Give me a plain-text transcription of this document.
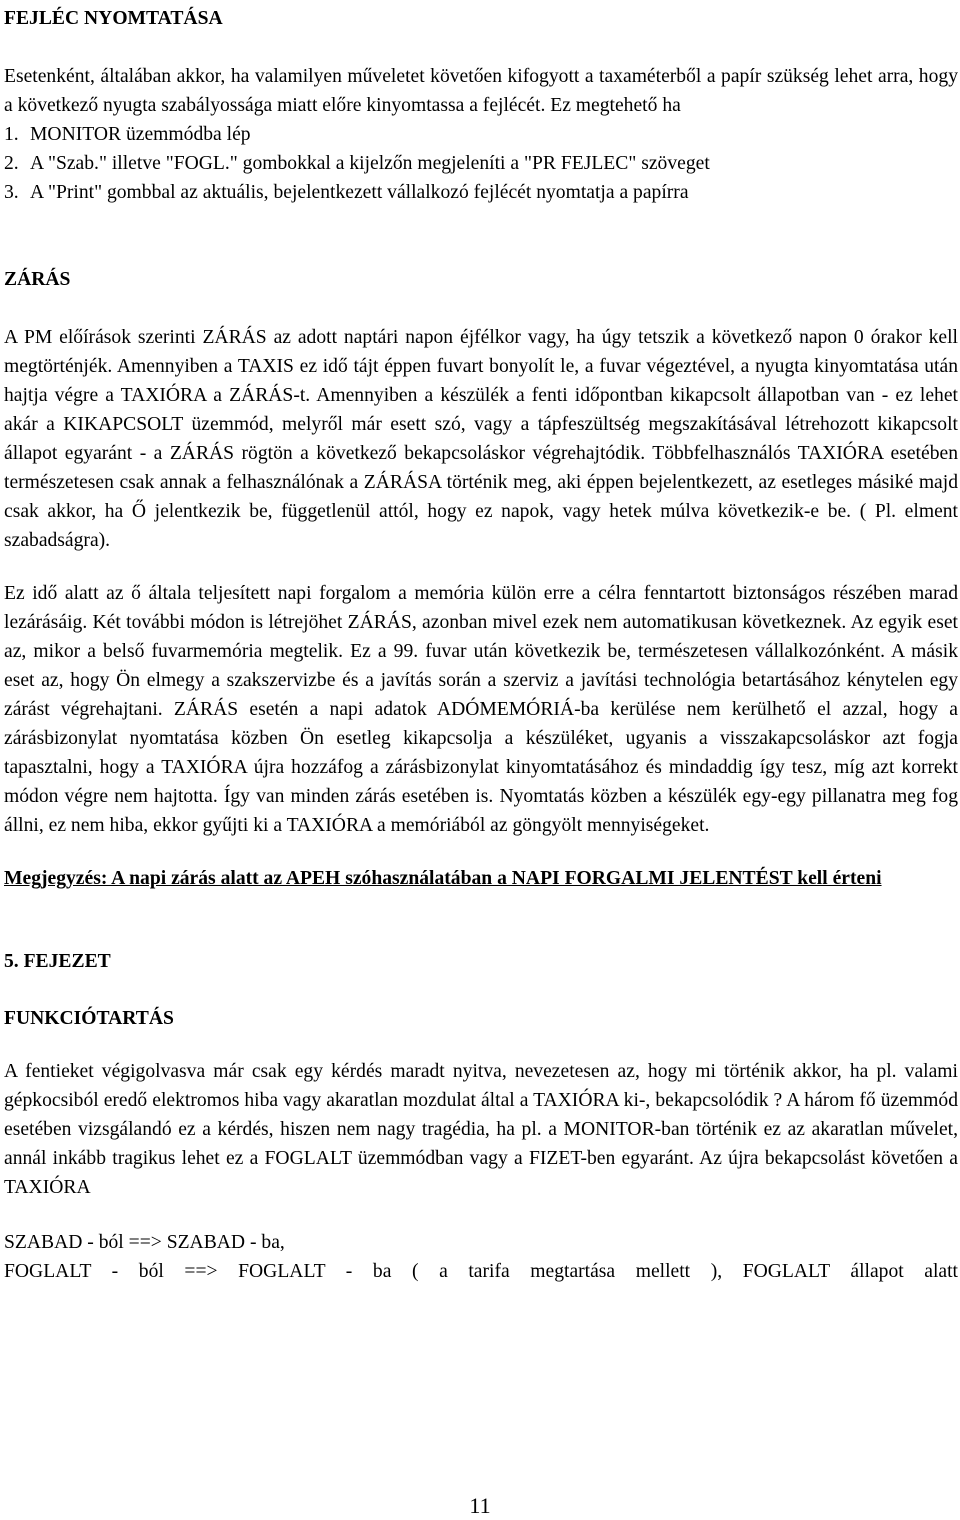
FEJLÉC NYOMTATÁSA

Esetenként, általában akkor, ha valamilyen műveletet követően kifogyott a taxaméterből a papír szükség lehet arra, hogy a következő nyugta szabályossága miatt előre kinyomtassa a fejlécét. Ez megtehető ha

1. MONITOR üzemmódba lép
2. A "Szab." illetve "FOGL." gombokkal a kijelzőn megjeleníti a "PR FEJLEC" szöveget
3. A "Print" gombbal az aktuális, bejelentkezett vállalkozó fejlécét nyomtatja a papírra
ZÁRÁS

A PM előírások szerinti ZÁRÁS az adott naptári napon éjfélkor vagy, ha úgy tetszik a következő napon 0 órakor kell megtörténjék. Amennyiben a TAXIS ez idő tájt éppen fuvart bonyolít le, a fuvar végeztével, a nyugta kinyomtatása után hajtja végre a TAXIÓRA a ZÁRÁS-t. Amennyiben a készülék a fenti időpontban kikapcsolt állapotban van - ez lehet akár a KIKAPCSOLT üzemmód, melyről már esett szó, vagy a tápfeszültség megszakításával létrehozott kikapcsolt állapot egyaránt - a ZÁRÁS rögtön a következő bekapcsoláskor végrehajtódik. Többfelhasználós TAXIÓRA esetében természetesen csak annak a felhasználónak a ZÁRÁSA történik meg, aki éppen bejelentkezett, az esetleges másiké majd csak akkor, ha Ő jelentkezik be, függetlenül attól, hogy ez napok, vagy hetek múlva következik-e be. ( Pl. elment szabadságra).

Ez idő alatt az ő általa teljesített napi forgalom a memória külön erre a célra fenntartott biztonságos részében marad lezárásáig. Két további módon is létrejöhet ZÁRÁS, azonban mivel ezek nem automatikusan következnek. Az egyik eset az, mikor a belső fuvarmemória megtelik. Ez a 99. fuvar után következik be, természetesen vállalkozónként. A másik eset az, hogy Ön elmegy a szakszervizbe és a javítás során a szerviz a javítási technológia betartásához kénytelen egy zárást végrehajtani. ZÁRÁS esetén a napi adatok ADÓMEMÓRIÁ-ba kerülése nem kerülhető el azzal, hogy a zárásbizonylat nyomtatása közben Ön esetleg kikapcsolja a készüléket, ugyanis a visszakapcsoláskor azt fogja tapasztalni, hogy a TAXIÓRA újra hozzáfog a zárásbizonylat kinyomtatásához és mindaddig így tesz, míg azt korrekt módon végre nem hajtotta. Így van minden zárás esetében is. Nyomtatás közben a készülék egy-egy pillanatra meg fog állni, ez nem hiba, ekkor gyűjti ki a TAXIÓRA a memóriából az göngyölt mennyiségeket.

Megjegyzés: A napi zárás alatt az APEH szóhasználatában a NAPI FORGALMI JELENTÉST kell érteni

5. FEJEZET
FUNKCIÓTARTÁS

A fentieket végigolvasva már csak egy kérdés maradt nyitva, nevezetesen az, hogy mi történik akkor, ha pl. valami gépkocsiból eredő elektromos hiba vagy akaratlan mozdulat által a TAXIÓRA ki-, bekapcsolódik ? A három fő üzemmód esetében vizsgálandó ez a kérdés, hiszen nem nagy tragédia, ha pl. a MONITOR-ban történik ez az akaratlan művelet, annál inkább tragikus lehet ez a FOGLALT üzemmódban vagy a FIZET-ben egyaránt. Az újra bekapcsolást követően a TAXIÓRA

SZABAD - ból ==> SZABAD - ba,

FOGLALT - ból ==> FOGLALT - ba ( a tarifa megtartása mellett ), FOGLALT állapot alatt

11
